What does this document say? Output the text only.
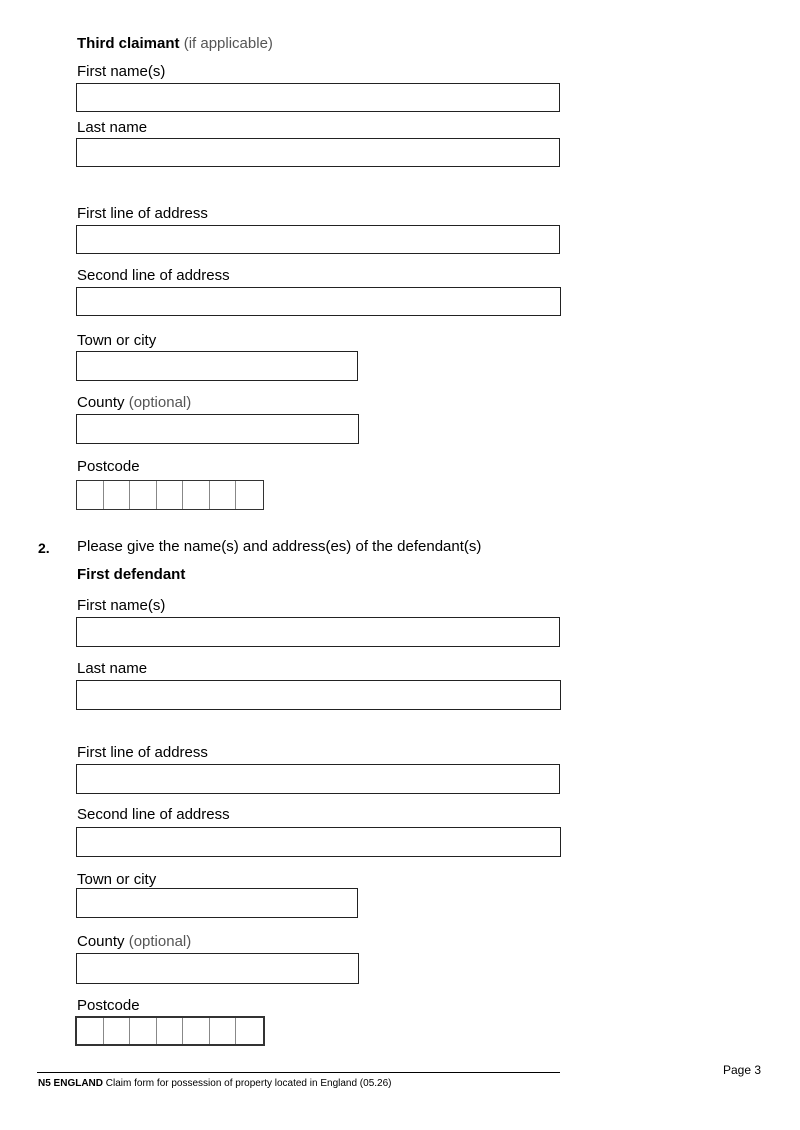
Third claimant (if applicable)
First name(s)
Last name
First line of address
Second line of address
Town or city
County (optional)
Postcode
2. Please give the name(s) and address(es) of the defendant(s)
First defendant
First name(s)
Last name
First line of address
Second line of address
Town or city
County (optional)
Postcode
Page 3
N5 ENGLAND Claim form for possession of property located in England (05.26)
